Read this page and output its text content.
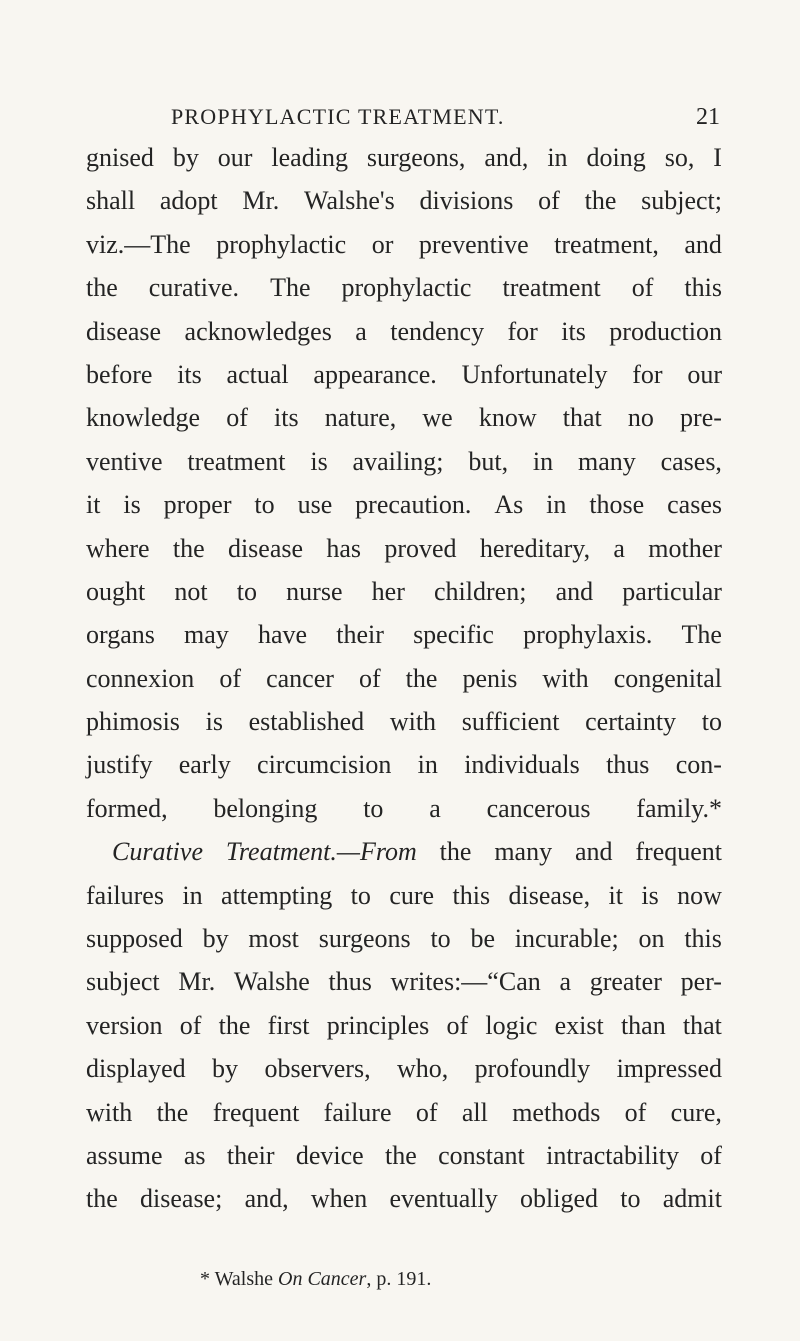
PROPHYLACTIC TREATMENT.	21
gnised by our leading surgeons, and, in doing so, I
shall adopt Mr. Walshe's divisions of the subject;
viz.—The prophylactic or preventive treatment, and
the curative. The prophylactic treatment of this
disease acknowledges a tendency for its production
before its actual appearance. Unfortunately for our
knowledge of its nature, we know that no pre-
ventive treatment is availing; but, in many cases,
it is proper to use precaution. As in those cases
where the disease has proved hereditary, a mother
ought not to nurse her children; and particular
organs may have their specific prophylaxis. The
connexion of cancer of the penis with congenital
phimosis is established with sufficient certainty to
justify early circumcision in individuals thus con-
formed, belonging to a cancerous family.*
Curative Treatment.—From the many and frequent
failures in attempting to cure this disease, it is now
supposed by most surgeons to be incurable; on this
subject Mr. Walshe thus writes:—“Can a greater per-
version of the first principles of logic exist than that
displayed by observers, who, profoundly impressed
with the frequent failure of all methods of cure,
assume as their device the constant intractability of
the disease; and, when eventually obliged to admit
* Walshe On Cancer, p. 191.
